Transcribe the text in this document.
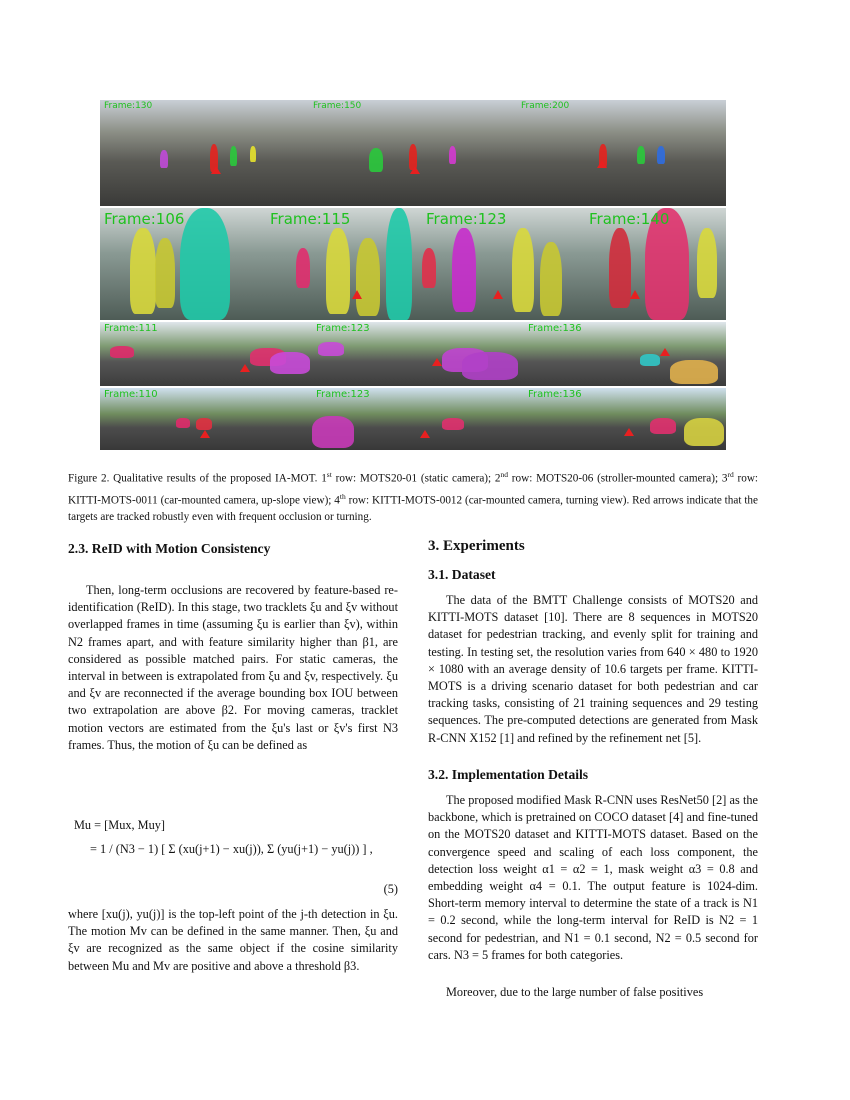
Frame:130	Frame:150	Frame:200
Frame:106	Frame:115	Frame:123	Frame:140
Frame:111	Frame:123	Frame:136
Frame:110	Frame:123	Frame:136
Figure 2. Qualitative results of the proposed IA-MOT. 1st row: MOTS20-01 (static camera); 2nd row: MOTS20-06 (stroller-mounted camera); 3rd row: KITTI-MOTS-0011 (car-mounted camera, up-slope view); 4th row: KITTI-MOTS-0012 (car-mounted camera, turning view). Red arrows indicate that the targets are tracked robustly even with frequent occlusion or turning.
2.3. ReID with Motion Consistency

Then, long-term occlusions are recovered by feature-based re-identification (ReID). In this stage, two tracklets ξu and ξv without overlapped frames in time (assuming ξu is earlier than ξv), within N2 frames apart, and with feature similarity higher than β1, are considered as possible matched pairs. For static cameras, the interval in between is extrapolated from ξu and ξv, respectively. ξu and ξv are reconnected if the average bounding box IOU between two extrapolation are above β2. For moving cameras, tracklet motion vectors are estimated from the ξu's last or ξv's first N3 frames. Thus, the motion of ξu can be defined as

Mu = [Mux, Muy]
= 1 / (N3 − 1) [ Σ (xu(j+1) − xu(j)), Σ (yu(j+1) − yu(j)) ] ,
(5)

where [xu(j), yu(j)] is the top-left point of the j-th detection in ξu. The motion Mv can be defined in the same manner. Then, ξu and ξv are recognized as the same object if the cosine similarity between Mu and Mv are positive and above a threshold β3.

3. Experiments
3.1. Dataset

The data of the BMTT Challenge consists of MOTS20 and KITTI-MOTS dataset [10]. There are 8 sequences in MOTS20 dataset for pedestrian tracking, and evenly split for training and testing. In testing set, the resolution varies from 640 × 480 to 1920 × 1080 with an average density of 10.6 targets per frame. KITTI-MOTS is a driving scenario dataset for both pedestrian and car tracking tasks, consisting of 21 training sequences and 29 testing sequences. The pre-computed detections are generated from Mask R-CNN X152 [1] and refined by the refinement net [5].

3.2. Implementation Details

The proposed modified Mask R-CNN uses ResNet50 [2] as the backbone, which is pretrained on COCO dataset [4] and fine-tuned on the MOTS20 dataset and KITTI-MOTS dataset. Based on the convergence speed and scaling of each loss component, the detection loss weight α1 = α2 = 1, mask weight α3 = 0.8 and embedding weight α4 = 0.1. The output feature is 1024-dim. Short-term memory interval to determine the state of a track is N1 = 0.2 second, while the long-term interval for ReID is N2 = 1 second for pedestrian, and N1 = 0.1 second, N2 = 0.5 second for cars. N3 = 5 frames for both categories.

Moreover, due to the large number of false positives
